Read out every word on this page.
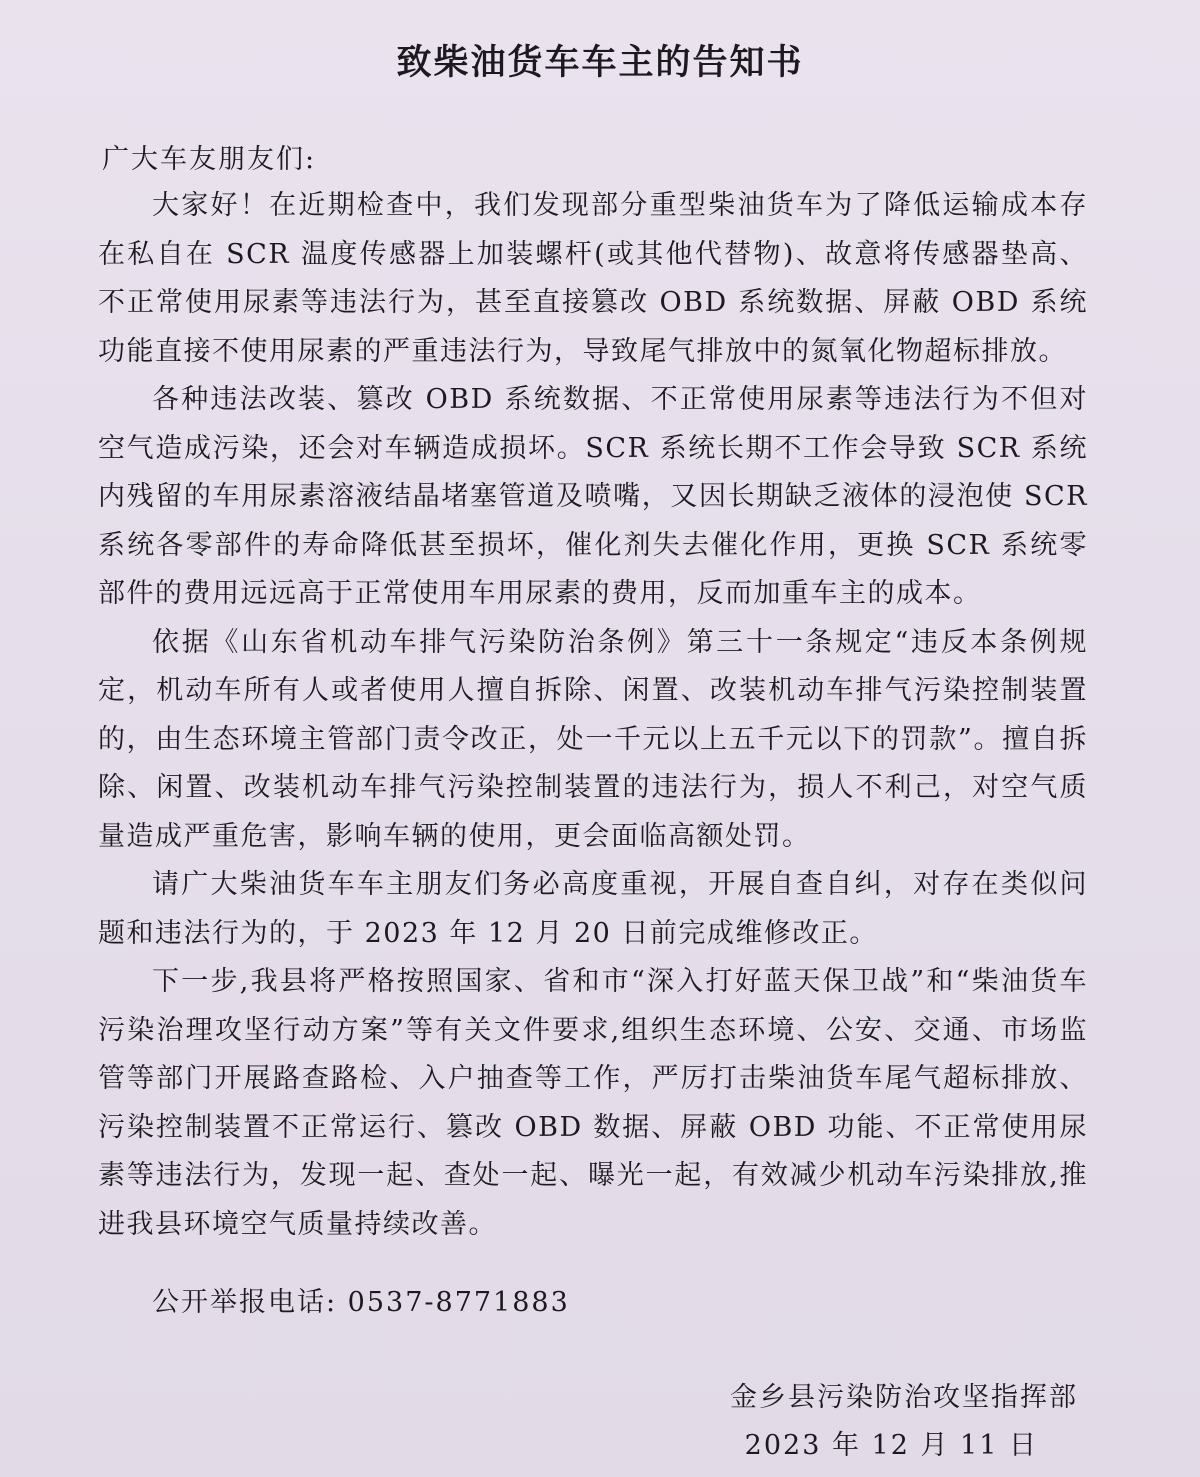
致柴油货车车主的告知书
广大车友朋友们:

大家好！在近期检查中，我们发现部分重型柴油货车为了降低运输成本存在私自在 SCR 温度传感器上加装螺杆(或其他代替物)、故意将传感器垫高、不正常使用尿素等违法行为，甚至直接篡改 OBD 系统数据、屏蔽 OBD 系统功能直接不使用尿素的严重违法行为，导致尾气排放中的氮氧化物超标排放。

各种违法改装、篡改 OBD 系统数据、不正常使用尿素等违法行为不但对空气造成污染，还会对车辆造成损坏。SCR 系统长期不工作会导致 SCR 系统内残留的车用尿素溶液结晶堵塞管道及喷嘴，又因长期缺乏液体的浸泡使 SCR 系统各零部件的寿命降低甚至损坏，催化剂失去催化作用，更换 SCR 系统零部件的费用远远高于正常使用车用尿素的费用，反而加重车主的成本。

依据《山东省机动车排气污染防治条例》第三十一条规定“违反本条例规定，机动车所有人或者使用人擅自拆除、闲置、改装机动车排气污染控制装置的，由生态环境主管部门责令改正，处一千元以上五千元以下的罚款”。擅自拆除、闲置、改装机动车排气污染控制装置的违法行为，损人不利己，对空气质量造成严重危害，影响车辆的使用，更会面临高额处罚。

请广大柴油货车车主朋友们务必高度重视，开展自查自纠，对存在类似问题和违法行为的，于 2023 年 12 月 20 日前完成维修改正。

下一步,我县将严格按照国家、省和市“深入打好蓝天保卫战”和“柴油货车污染治理攻坚行动方案”等有关文件要求,组织生态环境、公安、交通、市场监管等部门开展路查路检、入户抽查等工作，严厉打击柴油货车尾气超标排放、污染控制装置不正常运行、篡改 OBD 数据、屏蔽 OBD 功能、不正常使用尿素等违法行为，发现一起、查处一起、曝光一起，有效减少机动车污染排放,推进我县环境空气质量持续改善。

公开举报电话: 0537-8771883
金乡县污染防治攻坚指挥部
2023 年 12 月 11 日
